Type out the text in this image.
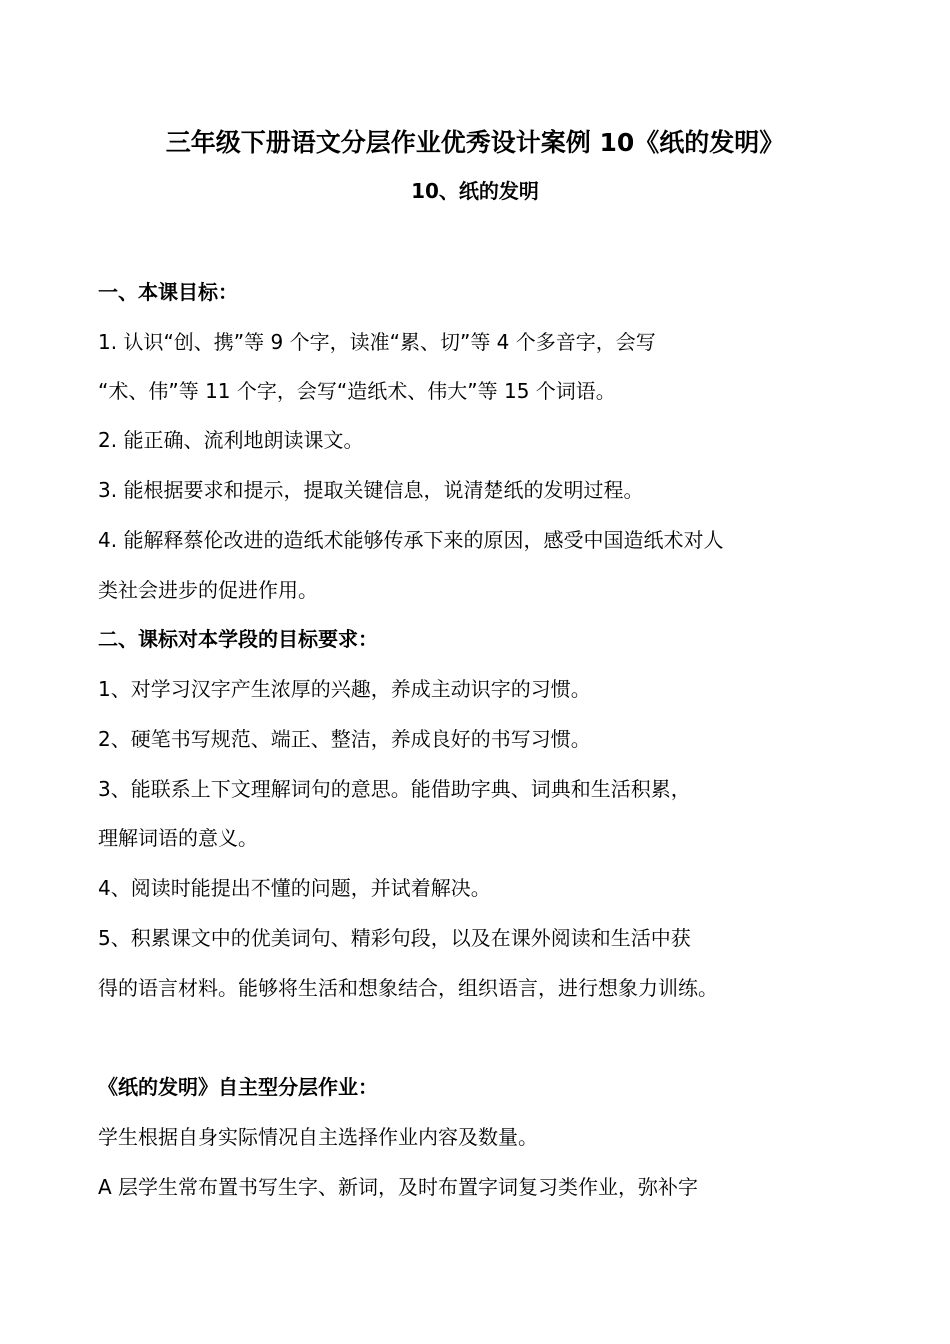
三年级下册语文分层作业优秀设计案例 10《纸的发明》
10、纸的发明
一、本课目标：
1. 认识“创、携”等 9 个字，读准“累、切”等 4 个多音字，会写
“术、伟”等 11 个字，会写“造纸术、伟大”等 15 个词语。
2. 能正确、流利地朗读课文。
3. 能根据要求和提示，提取关键信息，说清楚纸的发明过程。
4. 能解释蔡伦改进的造纸术能够传承下来的原因，感受中国造纸术对人
类社会进步的促进作用。
二、课标对本学段的目标要求：
1、对学习汉字产生浓厚的兴趣，养成主动识字的习惯。
2、硬笔书写规范、端正、整洁，养成良好的书写习惯。
3、能联系上下文理解词句的意思。能借助字典、词典和生活积累，
理解词语的意义。
4、阅读时能提出不懂的问题，并试着解决。
5、积累课文中的优美词句、精彩句段，以及在课外阅读和生活中获
得的语言材料。能够将生活和想象结合，组织语言，进行想象力训练。
《纸的发明》自主型分层作业：
学生根据自身实际情况自主选择作业内容及数量。
A 层学生常布置书写生字、新词，及时布置字词复习类作业，弥补字
